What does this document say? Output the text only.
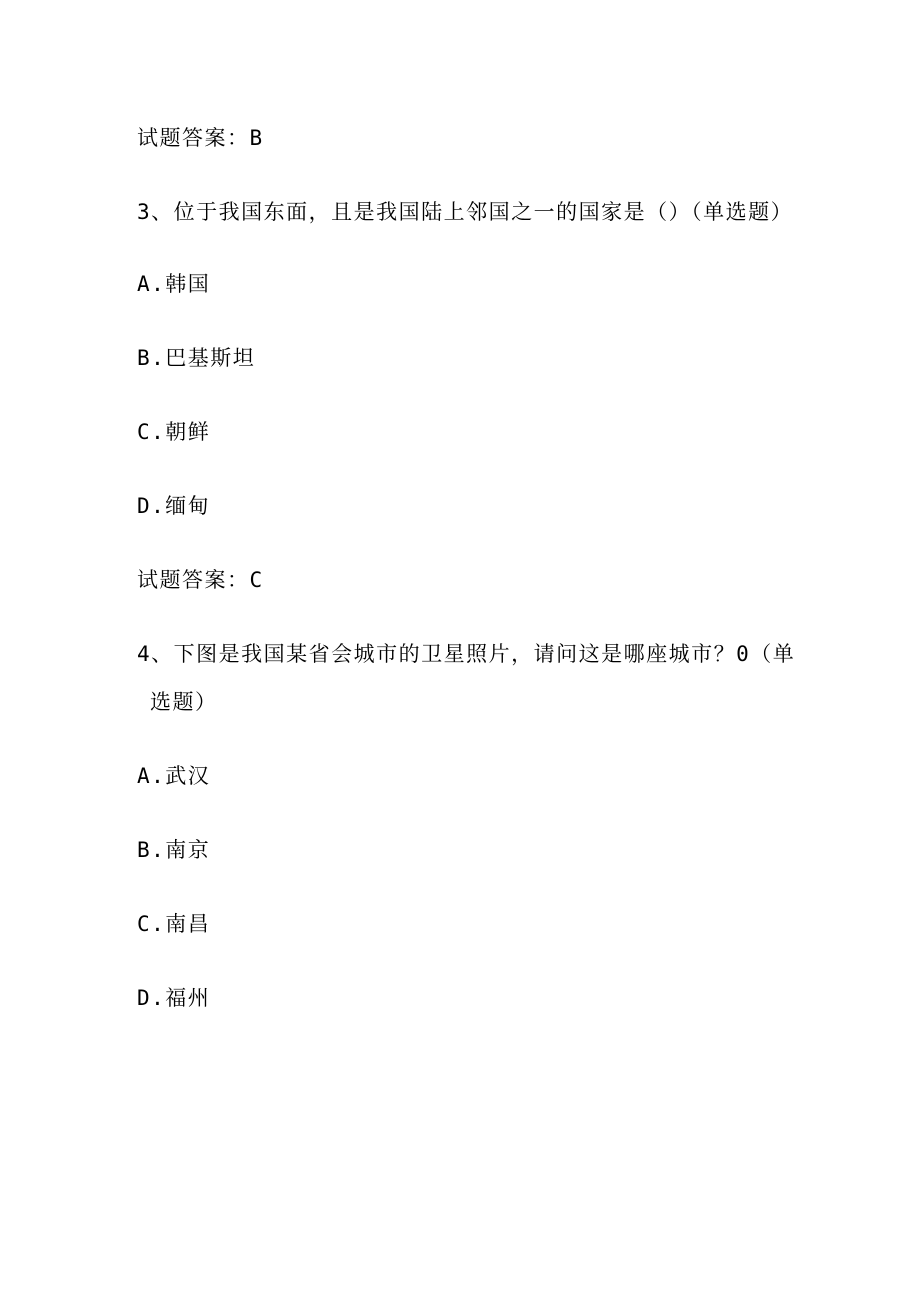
试题答案：B
3、位于我国东面，且是我国陆上邻国之一的国家是（）（单选题）
A.韩国
B.巴基斯坦
C.朝鲜
D.缅甸
试题答案：C
4、下图是我国某省会城市的卫星照片，请问这是哪座城市？0（单
选题）
A.武汉
B.南京
C.南昌
D.福州
